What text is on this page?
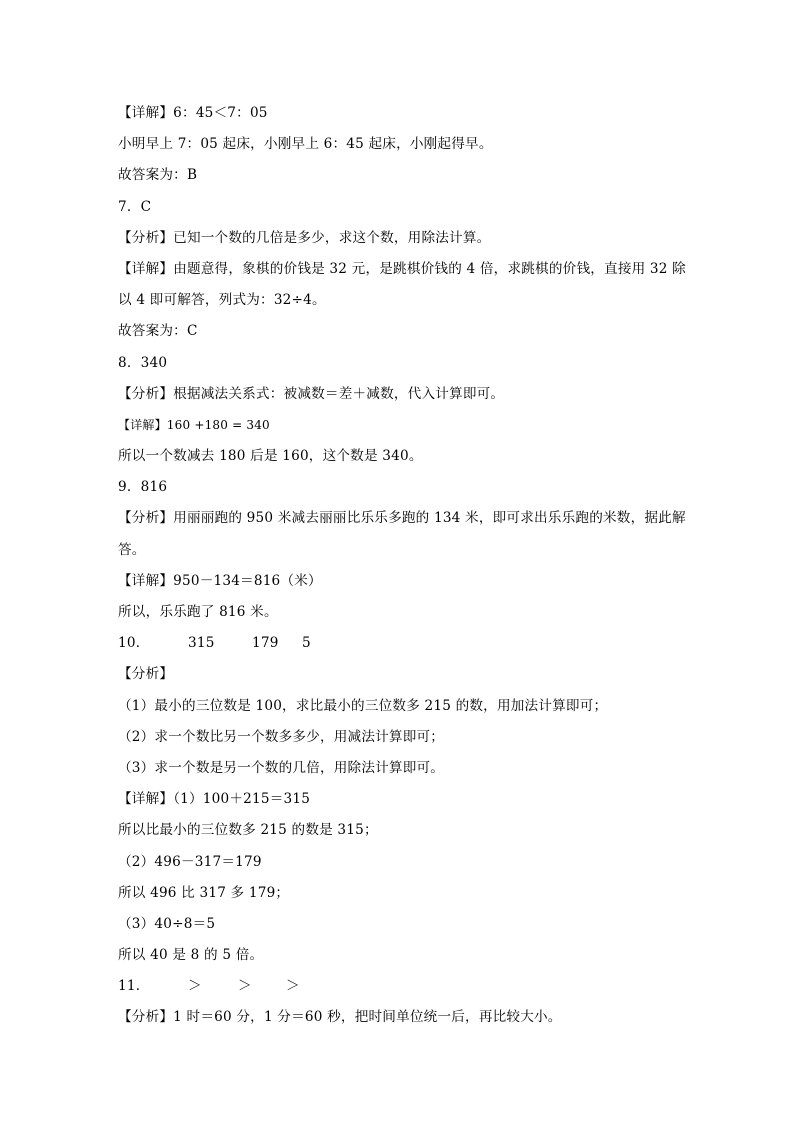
【详解】6：45＜7：05
小明早上 7：05 起床，小刚早上 6：45 起床，小刚起得早。
故答案为：B
7．C
【分析】已知一个数的几倍是多少，求这个数，用除法计算。
【详解】由题意得，象棋的价钱是 32 元，是跳棋价钱的 4 倍，求跳棋的价钱，直接用 32 除
以 4 即可解答，列式为：32÷4。
故答案为：C
8．340
【分析】根据减法关系式：被减数＝差＋减数，代入计算即可。
【详解】160 +180 = 340
所以一个数减去 180 后是 160，这个数是 340。
9．816
【分析】用丽丽跑的 950 米减去丽丽比乐乐多跑的 134 米，即可求出乐乐跑的米数，据此解
答。
【详解】950－134＝816（米）
所以，乐乐跑了 816 米。
10．	315	179 5
【分析】
（1）最小的三位数是 100，求比最小的三位数多 215 的数，用加法计算即可；
（2）求一个数比另一个数多多少，用减法计算即可；
（3）求一个数是另一个数的几倍，用除法计算即可。
【详解】（1）100＋215＝315
所以比最小的三位数多 215 的数是 315；
（2）496－317＝179
所以 496 比 317 多 179；
（3）40÷8＝5
所以 40 是 8 的 5 倍。
11．	＞	＞	＞
【分析】1 时＝60 分，1 分＝60 秒，把时间单位统一后，再比较大小。
